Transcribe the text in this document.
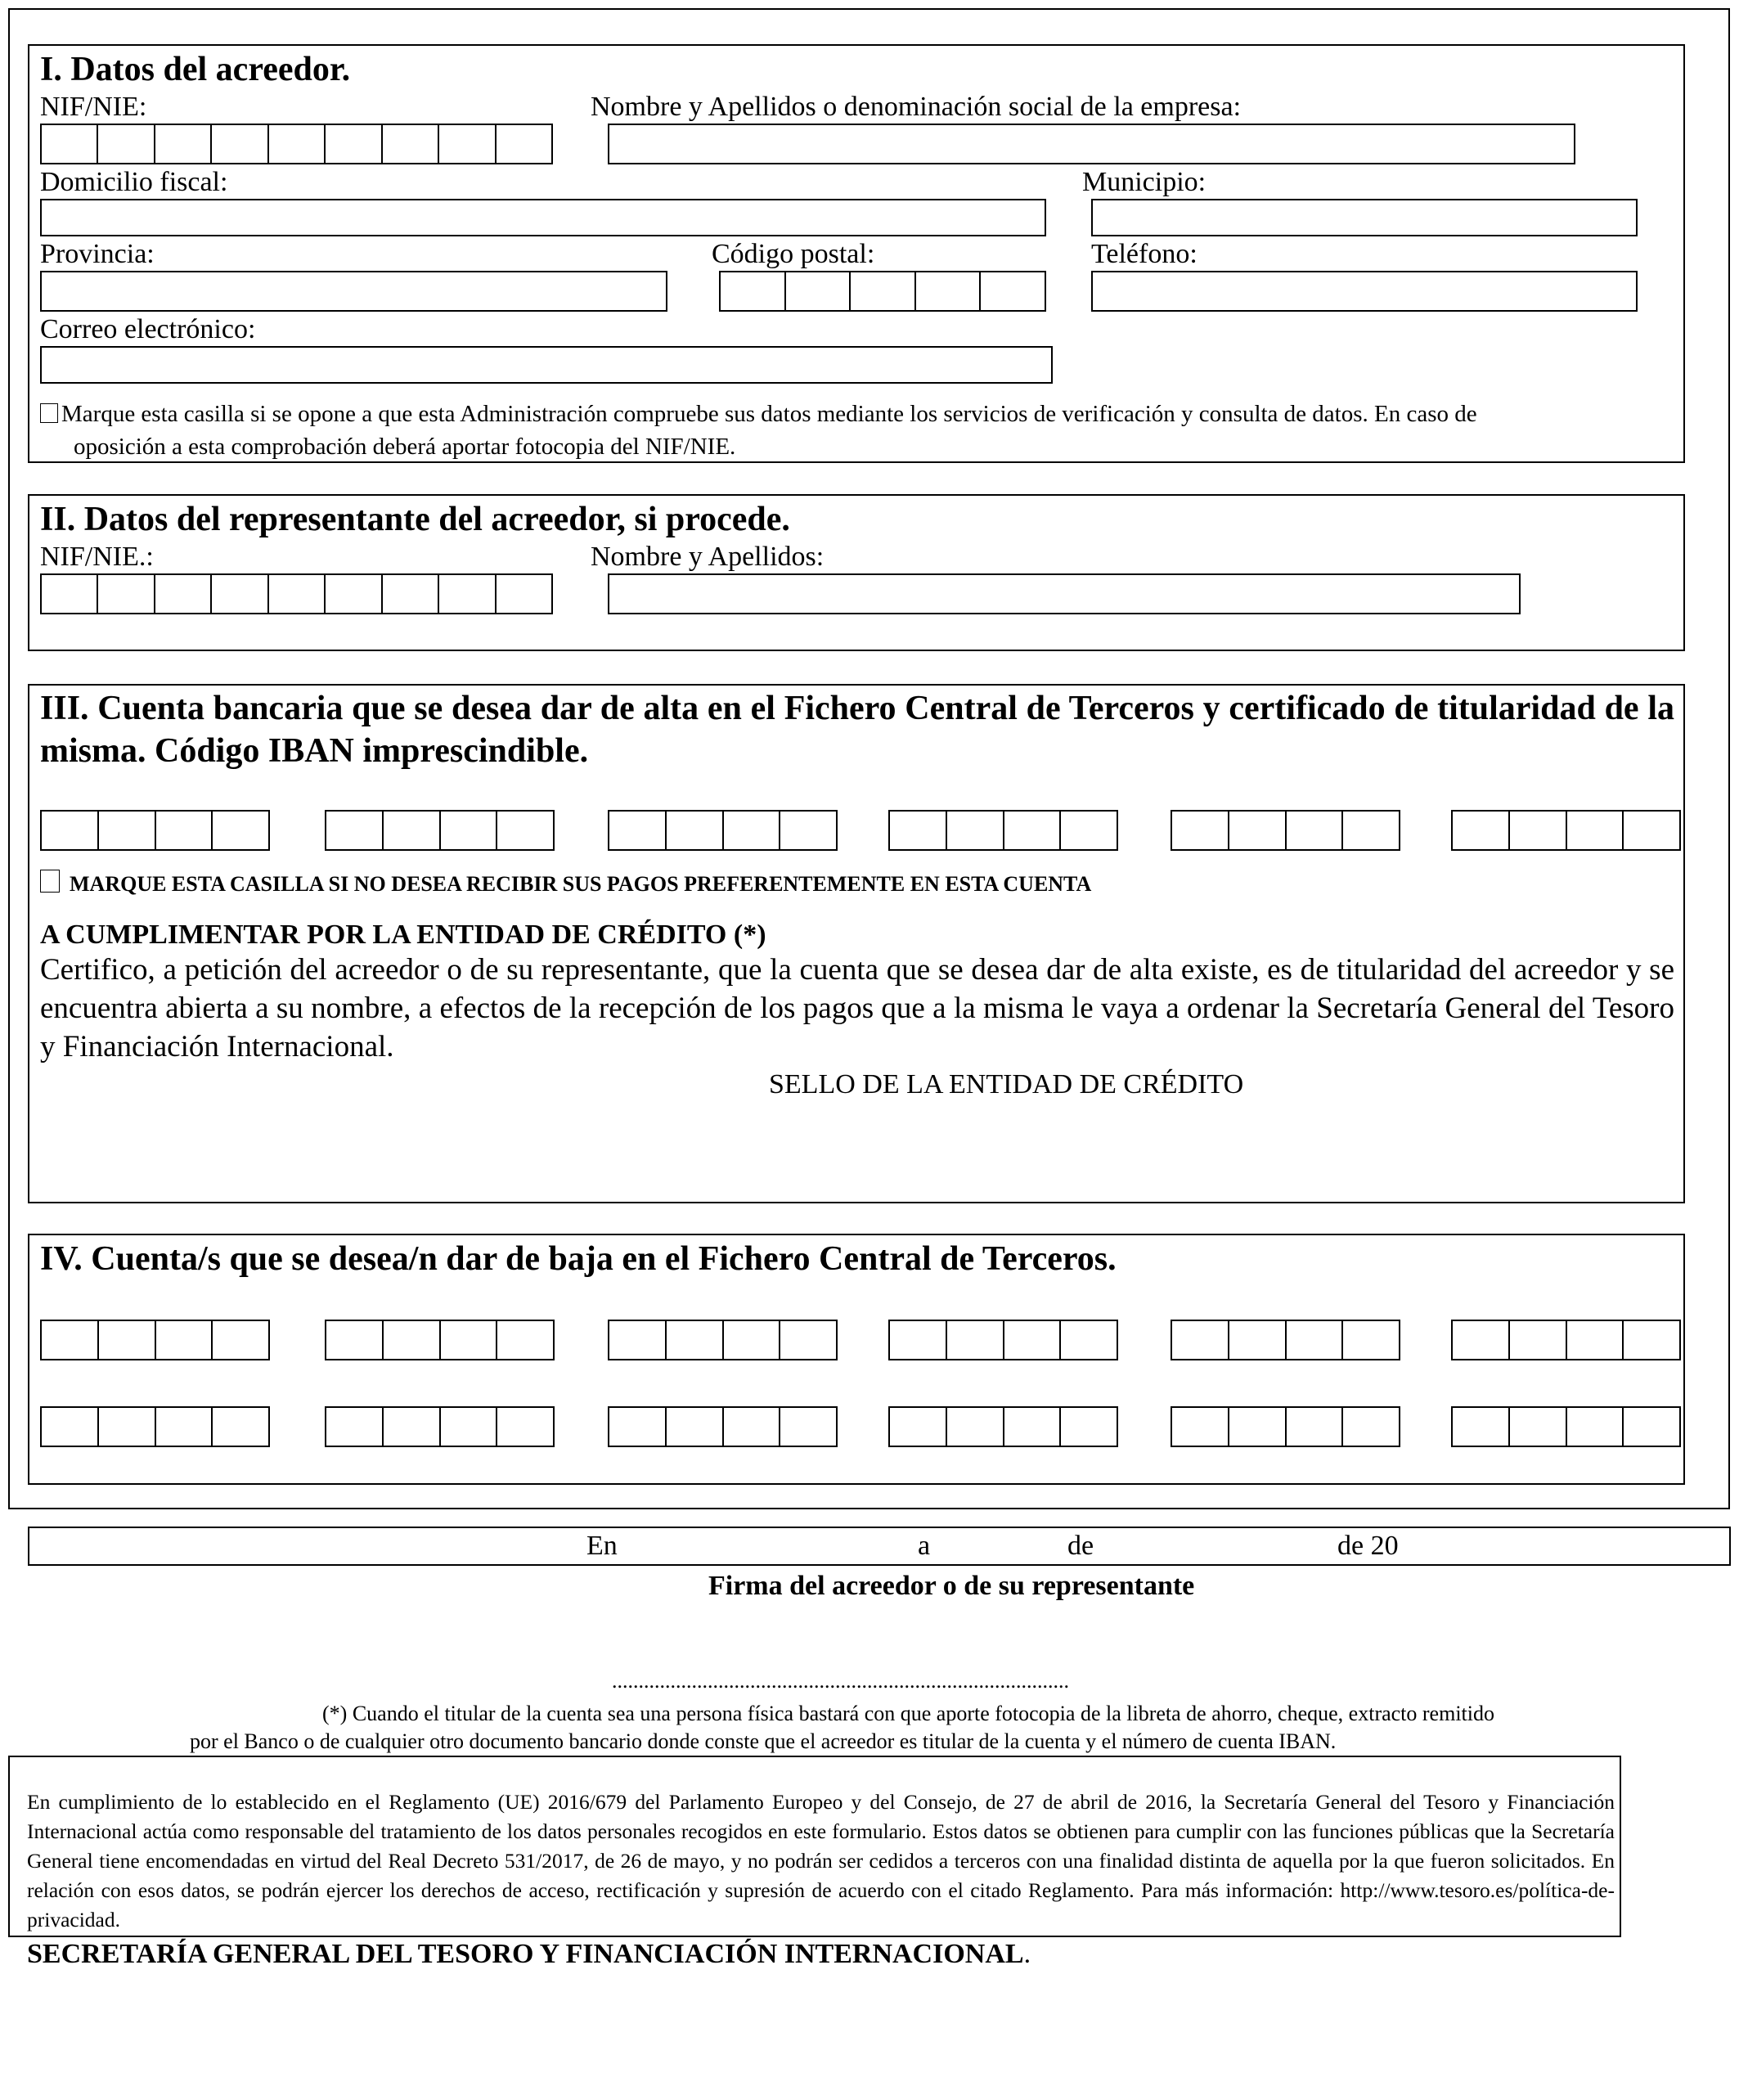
I. Datos del acreedor.
NIF/NIE:	Nombre y Apellidos o denominación social de la empresa:
Domicilio fiscal:	Municipio:
Provincia:	Código postal:	Teléfono:
Correo electrónico:
Marque esta casilla si se opone a que esta Administración compruebe sus datos mediante los servicios de verificación y consulta de datos. En caso de
oposición a esta comprobación deberá aportar fotocopia del NIF/NIE.
II. Datos del representante del acreedor, si procede.
NIF/NIE.:	Nombre y Apellidos:
III. Cuenta bancaria que se desea dar de alta en el Fichero Central de Terceros y certificado de titularidad de la misma. Código IBAN imprescindible.
MARQUE ESTA CASILLA SI NO DESEA RECIBIR SUS PAGOS PREFERENTEMENTE EN ESTA CUENTA
A CUMPLIMENTAR POR LA ENTIDAD DE CRÉDITO (*)
Certifico, a petición del acreedor o de su representante, que la cuenta que se desea dar de alta existe, es de titularidad del acreedor y se encuentra abierta a su nombre, a efectos de la recepción de los pagos que a la misma le vaya a ordenar la Secretaría General del Tesoro y Financiación Internacional.
SELLO DE LA ENTIDAD DE CRÉDITO
IV. Cuenta/s que se desea/n dar de baja en el Fichero Central de Terceros.
En	a	de	de 20
Firma del acreedor o de su representante
......................................................................................
(*) Cuando el titular de la cuenta sea una persona física bastará con que aporte fotocopia de la libreta de ahorro, cheque, extracto remitido
por el Banco o de cualquier otro documento bancario donde conste que el acreedor es titular de la cuenta y el número de cuenta IBAN.
En cumplimiento de lo establecido en el Reglamento (UE) 2016/679 del Parlamento Europeo y del Consejo, de 27 de abril de 2016, la Secretaría General del Tesoro y Financiación Internacional actúa como responsable del tratamiento de los datos personales recogidos en este formulario. Estos datos se obtienen para cumplir con las funciones públicas que la Secretaría General tiene encomendadas en virtud del Real Decreto 531/2017, de 26 de mayo, y no podrán ser cedidos a terceros con una finalidad distinta de aquella por la que fueron solicitados. En relación con esos datos, se podrán ejercer los derechos de acceso, rectificación y supresión de acuerdo con el citado Reglamento. Para más información: http://www.tesoro.es/política-de-privacidad.
SECRETARÍA GENERAL DEL TESORO Y FINANCIACIÓN INTERNACIONAL.
